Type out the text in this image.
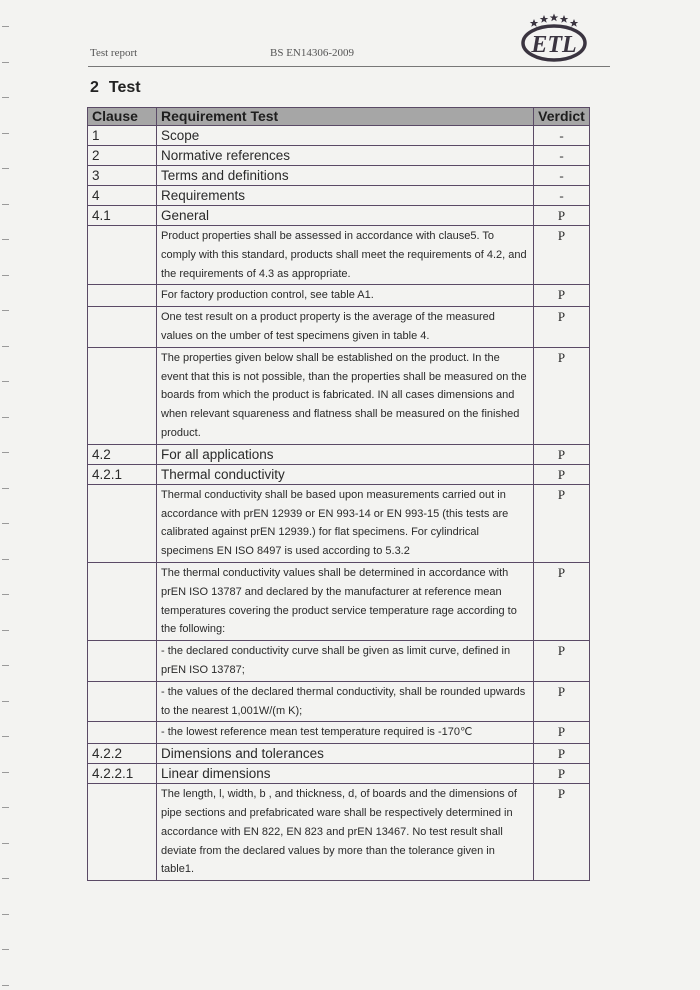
Test report	BS EN14306-2009	ETL
2 Test
Clause	Requirement Test	Verdict
1	Scope	-
2	Normative references	-
3	Terms and definitions	-
4	Requirements	-
4.1	General	P
	Product properties shall be assessed in accordance with clause5. To comply with this standard, products shall meet the requirements of 4.2, and the requirements of 4.3 as appropriate.	P
	For factory production control, see table A1.	P
	One test result on a product property is the average of the measured values on the umber of test specimens given in table 4.	P
	The properties given below shall be established on the product. In the event that this is not possible, than the properties shall be measured on the boards from which the product is fabricated. IN all cases dimensions and when relevant squareness and flatness shall be measured on the finished product.	P
4.2	For all applications	P
4.2.1	Thermal conductivity	P
	Thermal conductivity shall be based upon measurements carried out in accordance with prEN 12939 or EN 993-14 or EN 993-15 (this tests are calibrated against prEN 12939.) for flat specimens. For cylindrical specimens EN ISO 8497 is used according to 5.3.2	P
	The thermal conductivity values shall be determined in accordance with prEN ISO 13787 and declared by the manufacturer at reference mean temperatures covering the product service temperature rage according to the following:	P
	- the declared conductivity curve shall be given as limit curve, defined in prEN ISO 13787;	P
	- the values of the declared thermal conductivity, shall be rounded upwards to the nearest 1,001W/(m K);	P
	- the lowest reference mean test temperature required is -170℃	P
4.2.2	Dimensions and tolerances	P
4.2.2.1	Linear dimensions	P
	The length, l, width, b , and thickness, d, of boards and the dimensions of pipe sections and prefabricated ware shall be respectively determined in accordance with EN 822, EN 823 and prEN 13467. No test result shall deviate from the declared values by more than the tolerance given in table1.	P
